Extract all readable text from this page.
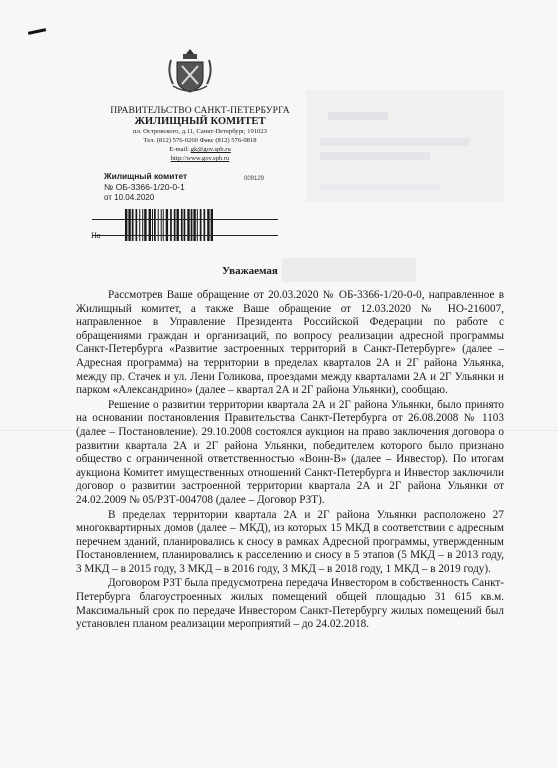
ПРАВИТЕЛЬСТВО САНКТ-ПЕТЕРБУРГА
ЖИЛИЩНЫЙ КОМИТЕТ
пл. Островского, д.11, Санкт-Петербург, 191023
Тел. (812) 576-0260 Факс (812) 576-0818
E-mail: gk@gov.spb.ru
http://www.gov.spb.ru
Жилищный комитет
№ ОБ-3366-1/20-0-1
от 10.04.2020
009129
Уважаемая

Рассмотрев Ваше обращение от 20.03.2020 № ОБ-3366-1/20-0-0, направленное в Жилищный комитет, а также Ваше обращение от 12.03.2020 № НО-216007, направленное в Управление Президента Российской Федерации по работе с обращениями граждан и организаций, по вопросу реализации адресной программы Санкт-Петербурга «Развитие застроенных территорий в Санкт-Петербурге» (далее – Адресная программа) на территории в пределах кварталов 2А и 2Г района Ульянка, между пр. Стачек и ул. Лени Голикова, проездами между кварталами 2А и 2Г Ульянки и парком «Александрино» (далее – квартал 2А и 2Г района Ульянки), сообщаю.

Решение о развитии территории квартала 2А и 2Г района Ульянки, было принято на основании постановления Правительства Санкт-Петербурга от 26.08.2008 № 1103 (далее – Постановление). 29.10.2008 состоялся аукцион на право заключения договора о развитии квартала 2А и 2Г района Ульянки, победителем которого было признано общество с ограниченной ответственностью «Воин-В» (далее – Инвестор). По итогам аукциона Комитет имущественных отношений Санкт-Петербурга и Инвестор заключили договор о развитии застроенной территории квартала 2А и 2Г района Ульянки от 24.02.2009 № 05/РЗТ-004708 (далее – Договор РЗТ).

В пределах территории квартала 2А и 2Г района Ульянки расположено 27 многоквартирных домов (далее – МКД), из которых 15 МКД в соответствии с адресным перечнем зданий, планировались к сносу в рамках Адресной программы, утвержденным Постановлением, планировались к расселению и сносу в 5 этапов (5 МКД – в 2013 году, 3 МКД – в 2015 году, 3 МКД – в 2016 году, 3 МКД – в 2018 году, 1 МКД – в 2019 году).

Договором РЗТ была предусмотрена передача Инвестором в собственность Санкт-Петербурга благоустроенных жилых помещений общей площадью 31 615 кв.м. Максимальный срок по передаче Инвестором Санкт-Петербургу жилых помещений был установлен планом реализации мероприятий – до 24.02.2018.
